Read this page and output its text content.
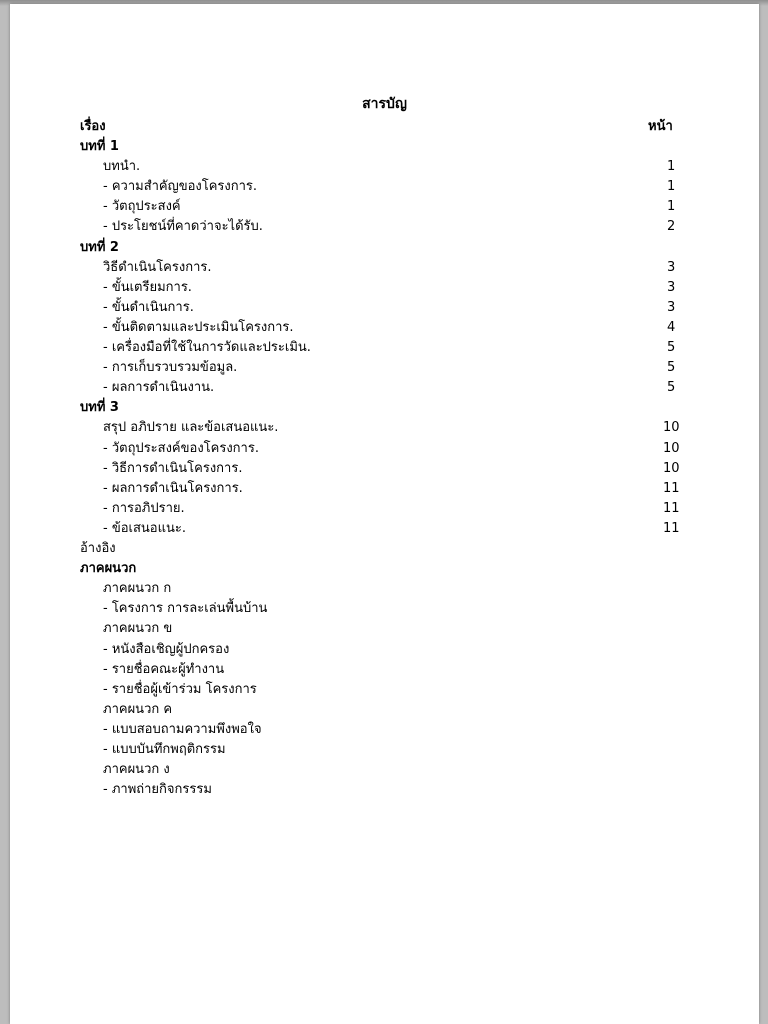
สารบัญ
เรื่อง	หน้า
บทที่ 1
บทนำ.	1
- ความสำคัญของโครงการ.	1
- วัตถุประสงค์	1
- ประโยชน์ที่คาดว่าจะได้รับ.	2
บทที่ 2
วิธีดำเนินโครงการ.	3
- ขั้นเตรียมการ.	3
- ขั้นดำเนินการ.	3
- ขั้นติดตามและประเมินโครงการ.	4
- เครื่องมือที่ใช้ในการวัดและประเมิน.	5
- การเก็บรวบรวมข้อมูล.	5
- ผลการดำเนินงาน.	5
บทที่ 3
สรุป อภิปราย และข้อเสนอแนะ.	10
- วัตถุประสงค์ของโครงการ.	10
- วิธีการดำเนินโครงการ.	10
- ผลการดำเนินโครงการ.	11
- การอภิปราย.	11
- ข้อเสนอแนะ.	11
อ้างอิง
ภาคผนวก
ภาคผนวก ก
- โครงการ การละเล่นพื้นบ้าน
ภาคผนวก ข
- หนังสือเชิญผู้ปกครอง
- รายชื่อคณะผู้ทำงาน
- รายชื่อผู้เข้าร่วม โครงการ
ภาคผนวก ค
- แบบสอบถามความพึงพอใจ
- แบบบันทึกพฤติกรรม
ภาคผนวก ง
- ภาพถ่ายกิจกรรรม
